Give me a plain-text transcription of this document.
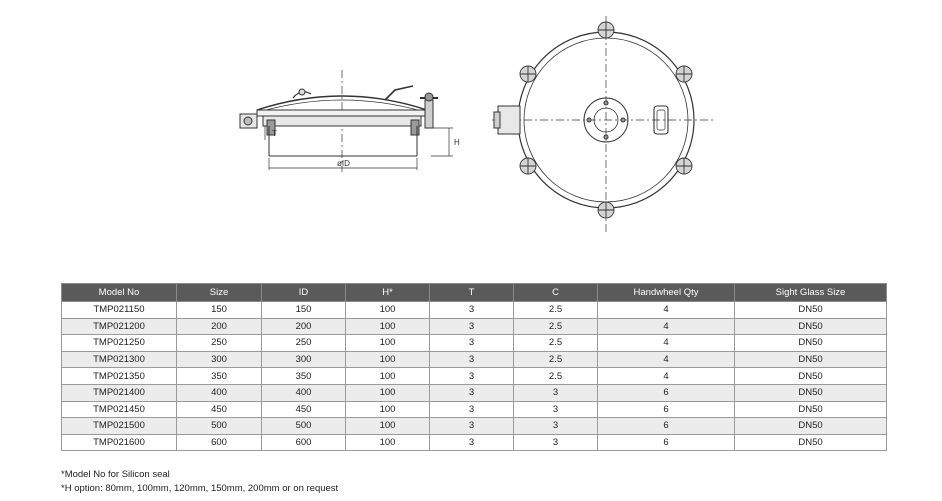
T
H
øID
Model No	Size	ID	H*	T	C	Handwheel Qty	Sight Glass Size
TMP021150	150	150	100	3	2.5	4	DN50
TMP021200	200	200	100	3	2.5	4	DN50
TMP021250	250	250	100	3	2.5	4	DN50
TMP021300	300	300	100	3	2.5	4	DN50
TMP021350	350	350	100	3	2.5	4	DN50
TMP021400	400	400	100	3	3	6	DN50
TMP021450	450	450	100	3	3	6	DN50
TMP021500	500	500	100	3	3	6	DN50
TMP021600	600	600	100	3	3	6	DN50
*Model No for Silicon seal
*H option: 80mm, 100mm, 120mm, 150mm, 200mm or on request
